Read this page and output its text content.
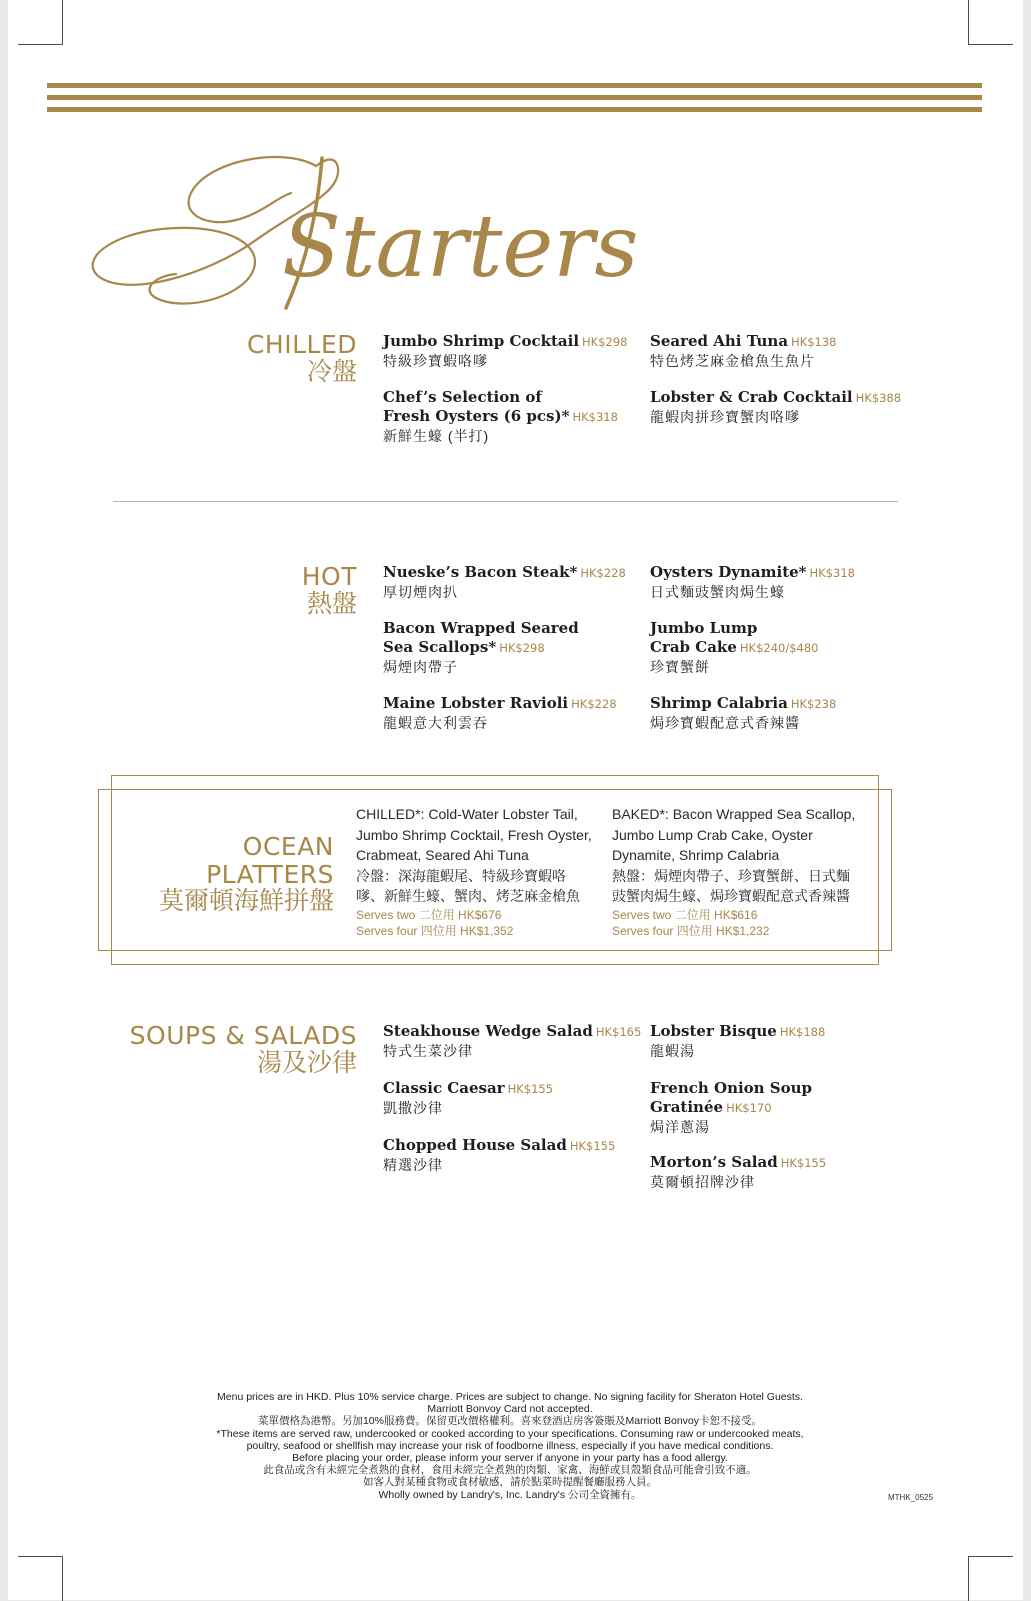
Starters
CHILLED
冷盤
Jumbo Shrimp Cocktail HK$298
特級珍寶蝦咯嗲
Seared Ahi Tuna HK$138
特色烤芝麻金槍魚生魚片
Chef’s Selection of
Fresh Oysters (6 pcs)* HK$318
新鮮生蠔 (半打)
Lobster & Crab Cocktail HK$388
龍蝦肉拼珍寶蟹肉咯嗲
HOT
熱盤
Nueske’s Bacon Steak* HK$228
厚切煙肉扒
Oysters Dynamite* HK$318
日式麵豉蟹肉焗生蠔
Bacon Wrapped Seared
Sea Scallops* HK$298
焗煙肉帶子
Jumbo Lump
Crab Cake HK$240/$480
珍寶蟹餅
Maine Lobster Ravioli HK$228
龍蝦意大利雲吞
Shrimp Calabria HK$238
焗珍寶蝦配意式香辣醬
OCEAN PLATTERS
莫爾頓海鮮拼盤
CHILLED*: Cold-Water Lobster Tail,
Jumbo Shrimp Cocktail, Fresh Oyster,
Crabmeat, Seared Ahi Tuna
冷盤：深海龍蝦尾、特級珍寶蝦咯
嗲、新鮮生蠔、蟹肉、烤芝麻金槍魚
Serves two 二位用 HK$676
Serves four 四位用 HK$1,352
BAKED*: Bacon Wrapped Sea Scallop,
Jumbo Lump Crab Cake, Oyster
Dynamite, Shrimp Calabria
熱盤：焗煙肉帶子、珍寶蟹餅、日式麵
豉蟹肉焗生蠔、焗珍寶蝦配意式香辣醬
Serves two 二位用 HK$616
Serves four 四位用 HK$1,232
SOUPS & SALADS
湯及沙律
Steakhouse Wedge Salad HK$165
特式生菜沙律
Lobster Bisque HK$188
龍蝦湯
Classic Caesar HK$155
凱撒沙律
French Onion Soup
Gratinée HK$170
焗洋蔥湯
Chopped House Salad HK$155
精選沙律	Morton’s Salad HK$155
莫爾頓招牌沙律
Menu prices are in HKD. Plus 10% service charge. Prices are subject to change. No signing facility for Sheraton Hotel Guests.
Marriott Bonvoy Card not accepted.
菜單價格為港幣。另加10%服務費。保留更改價格權利。喜來登酒店房客簽賬及Marriott Bonvoy卡恕不接受。
*These items are served raw, undercooked or cooked according to your specifications. Consuming raw or undercooked meats,
poultry, seafood or shellfish may increase your risk of foodborne illness, especially if you have medical conditions.
Before placing your order, please inform your server if anyone in your party has a food allergy.
此食品或含有未經完全煮熟的食材，食用未經完全煮熟的肉類、家禽、海鮮或貝殼類食品可能會引致不適。
如客人對某種食物或食材敏感，請於點菜時提醒餐廳服務人員。
Wholly owned by Landry's, Inc. Landry's 公司全資擁有。	MTHK_0525
